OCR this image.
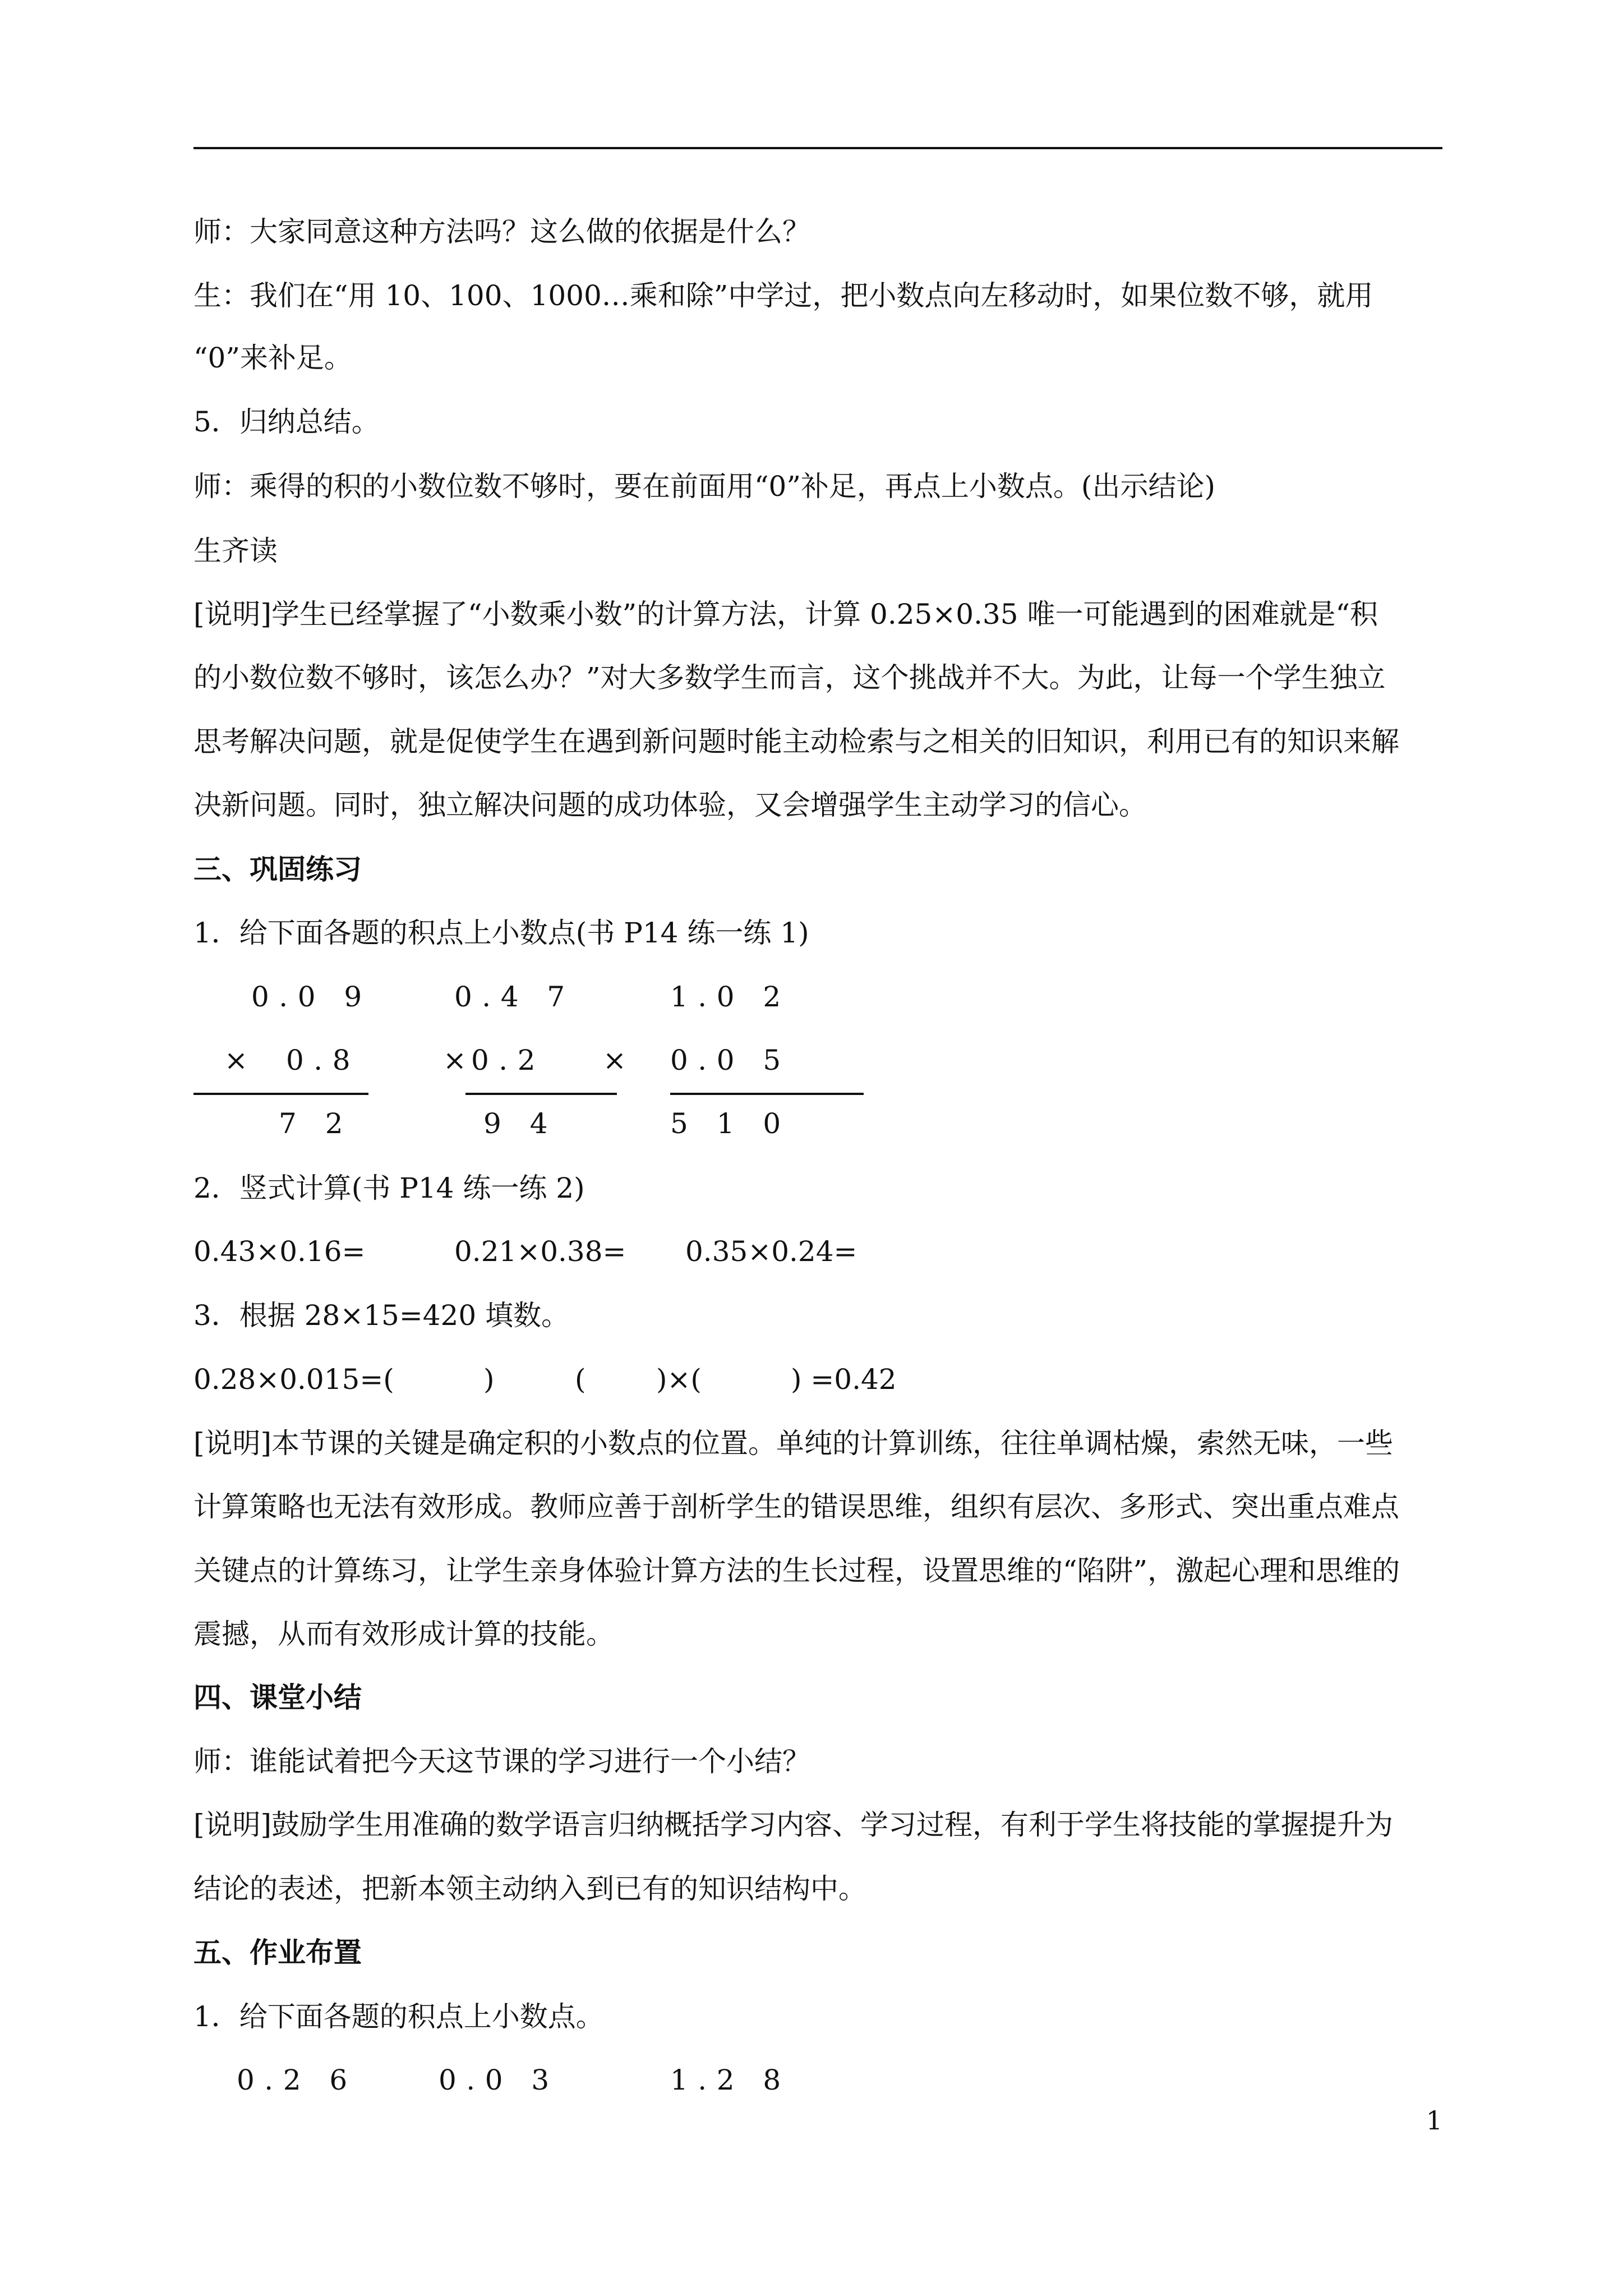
师：大家同意这种方法吗？这么做的依据是什么？
生：我们在“用 10、100、1000…乘和除”中学过，把小数点向左移动时，如果位数不够，就用
“0”来补足。
5．归纳总结。
师：乘得的积的小数位数不够时，要在前面用“0”补足，再点上小数点。(出示结论)
生齐读
[说明]学生已经掌握了“小数乘小数”的计算方法，计算 0.25×0.35 唯一可能遇到的困难就是“积
的小数位数不够时，该怎么办？”对大多数学生而言，这个挑战并不大。为此，让每一个学生独立
思考解决问题，就是促使学生在遇到新问题时能主动检索与之相关的旧知识，利用已有的知识来解
决新问题。同时，独立解决问题的成功体验，又会增强学生主动学习的信心。
三、巩固练习
1．给下面各题的积点上小数点(书 P14 练一练 1)
0.0 9
× 0.8
7 2
0.4 7
× 0.2
9 4
1.0 2
× 0.0 5
5 1 0
2．竖式计算(书 P14 练一练 2)
0.43×0.16=	0.21×0.38= 0.35×0.24=
3．根据 28×15=420 填数。
0.28×0.015=(	)	(	)×(	) =0.42
[说明]本节课的关键是确定积的小数点的位置。单纯的计算训练，往往单调枯燥，索然无味，一些
计算策略也无法有效形成。教师应善于剖析学生的错误思维，组织有层次、多形式、突出重点难点
关键点的计算练习，让学生亲身体验计算方法的生长过程，设置思维的“陷阱”，激起心理和思维的
震撼，从而有效形成计算的技能。
四、课堂小结
师：谁能试着把今天这节课的学习进行一个小结？
[说明]鼓励学生用准确的数学语言归纳概括学习内容、学习过程，有利于学生将技能的掌握提升为
结论的表述，把新本领主动纳入到已有的知识结构中。
五、作业布置
1．给下面各题的积点上小数点。
0.2 6	0.0 3	1.2 8
1
